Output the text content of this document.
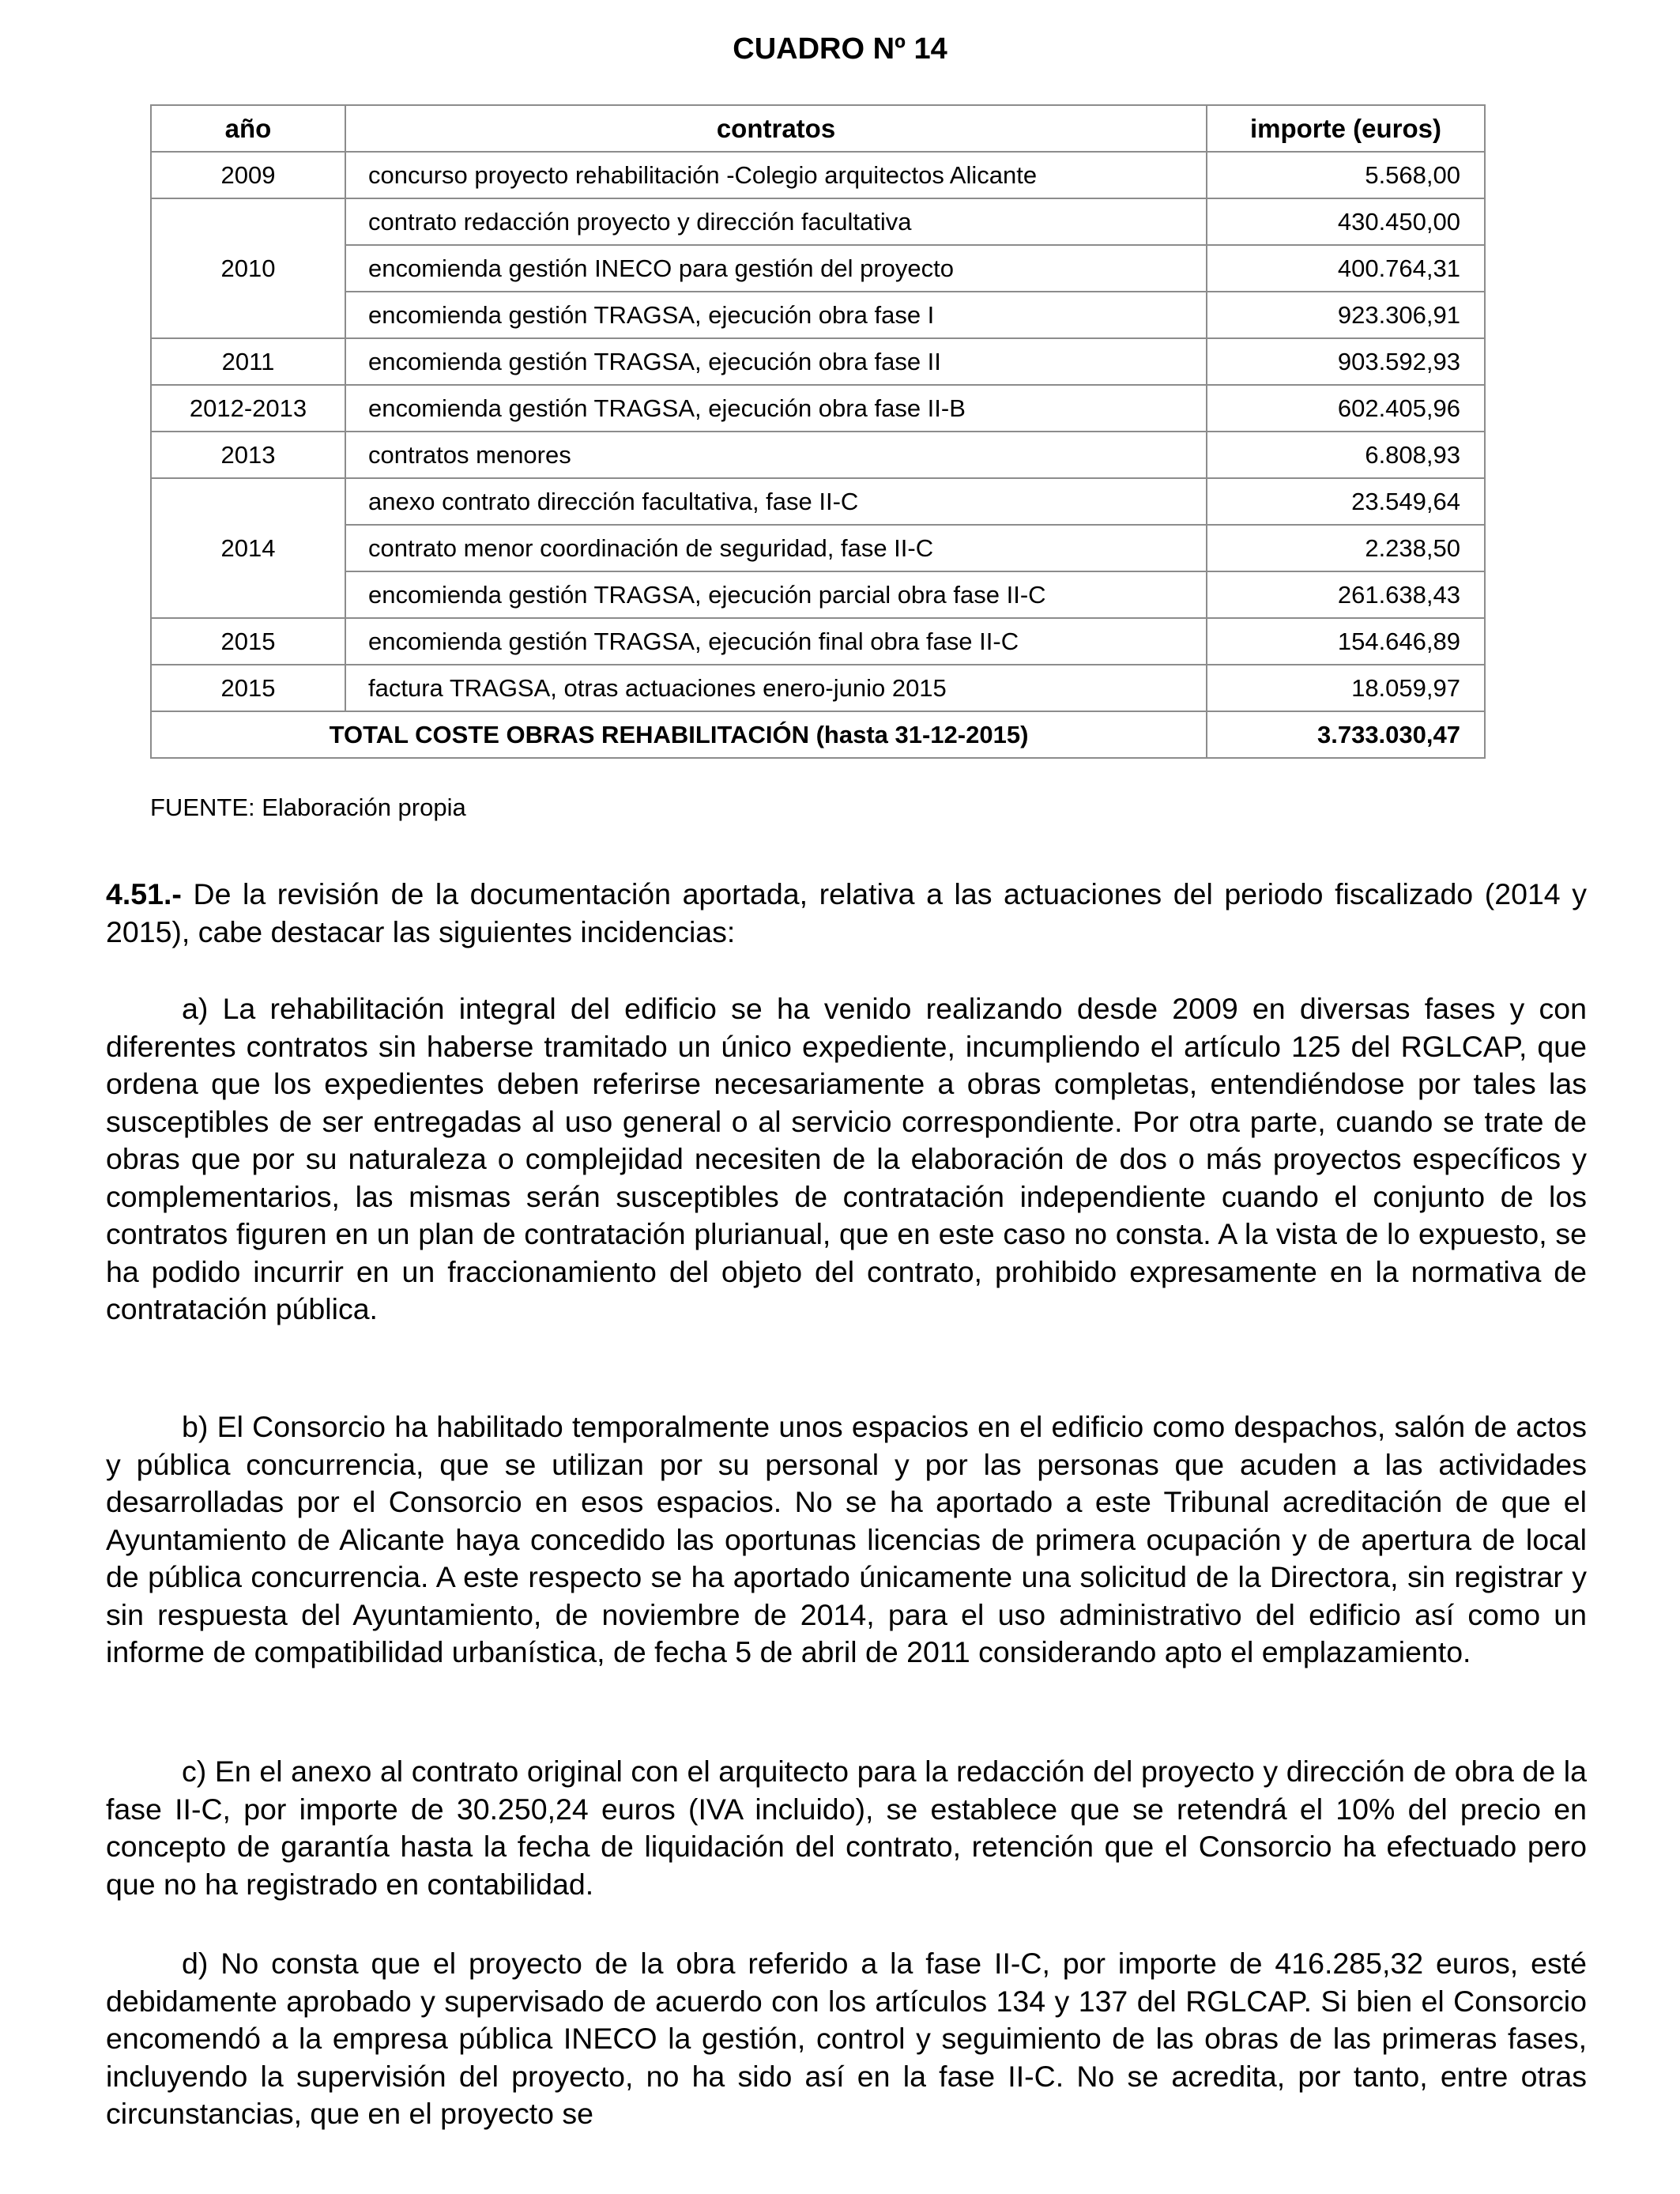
CUADRO Nº 14
año	contratos	importe (euros)
2009	concurso proyecto rehabilitación -Colegio arquitectos Alicante	5.568,00
2010	contrato redacción proyecto y dirección facultativa	430.450,00
	encomienda gestión INECO para gestión del proyecto	400.764,31
	encomienda gestión TRAGSA, ejecución obra fase I	923.306,91
2011	encomienda gestión TRAGSA, ejecución obra fase II	903.592,93
2012-2013	encomienda gestión TRAGSA, ejecución obra fase II-B	602.405,96
2013	contratos menores	6.808,93
2014	anexo contrato dirección facultativa, fase II-C	23.549,64
	contrato menor coordinación de seguridad, fase II-C	2.238,50
	encomienda gestión TRAGSA, ejecución parcial obra fase II-C	261.638,43
2015	encomienda gestión TRAGSA, ejecución final obra fase II-C	154.646,89
2015	factura TRAGSA, otras actuaciones enero-junio 2015	18.059,97
TOTAL COSTE OBRAS REHABILITACIÓN (hasta 31-12-2015)		3.733.030,47
FUENTE: Elaboración propia

4.51.- De la revisión de la documentación aportada, relativa a las actuaciones del periodo fiscalizado (2014 y 2015), cabe destacar las siguientes incidencias:

a) La rehabilitación integral del edificio se ha venido realizando desde 2009 en diversas fases y con diferentes contratos sin haberse tramitado un único expediente, incumpliendo el artículo 125 del RGLCAP, que ordena que los expedientes deben referirse necesariamente a obras completas, entendiéndose por tales las susceptibles de ser entregadas al uso general o al servicio correspondiente. Por otra parte, cuando se trate de obras que por su naturaleza o complejidad necesiten de la elaboración de dos o más proyectos específicos y complementarios, las mismas serán susceptibles de contratación independiente cuando el conjunto de los contratos figuren en un plan de contratación plurianual, que en este caso no consta. A la vista de lo expuesto, se ha podido incurrir en un fraccionamiento del objeto del contrato, prohibido expresamente en la normativa de contratación pública.

b) El Consorcio ha habilitado temporalmente unos espacios en el edificio como despachos, salón de actos y pública concurrencia, que se utilizan por su personal y por las personas que acuden a las actividades desarrolladas por el Consorcio en esos espacios. No se ha aportado a este Tribunal acreditación de que el Ayuntamiento de Alicante haya concedido las oportunas licencias de primera ocupación y de apertura de local de pública concurrencia. A este respecto se ha aportado únicamente una solicitud de la Directora, sin registrar y sin respuesta del Ayuntamiento, de noviembre de 2014, para el uso administrativo del edificio así como un informe de compatibilidad urbanística, de fecha 5 de abril de 2011 considerando apto el emplazamiento.

c) En el anexo al contrato original con el arquitecto para la redacción del proyecto y dirección de obra de la fase II-C, por importe de 30.250,24 euros (IVA incluido), se establece que se retendrá el 10% del precio en concepto de garantía hasta la fecha de liquidación del contrato, retención que el Consorcio ha efectuado pero que no ha registrado en contabilidad.

d) No consta que el proyecto de la obra referido a la fase II-C, por importe de 416.285,32 euros, esté debidamente aprobado y supervisado de acuerdo con los artículos 134 y 137 del RGLCAP. Si bien el Consorcio encomendó a la empresa pública INECO la gestión, control y seguimiento de las obras de las primeras fases, incluyendo la supervisión del proyecto, no ha sido así en la fase II-C. No se acredita, por tanto, entre otras circunstancias, que en el proyecto se
